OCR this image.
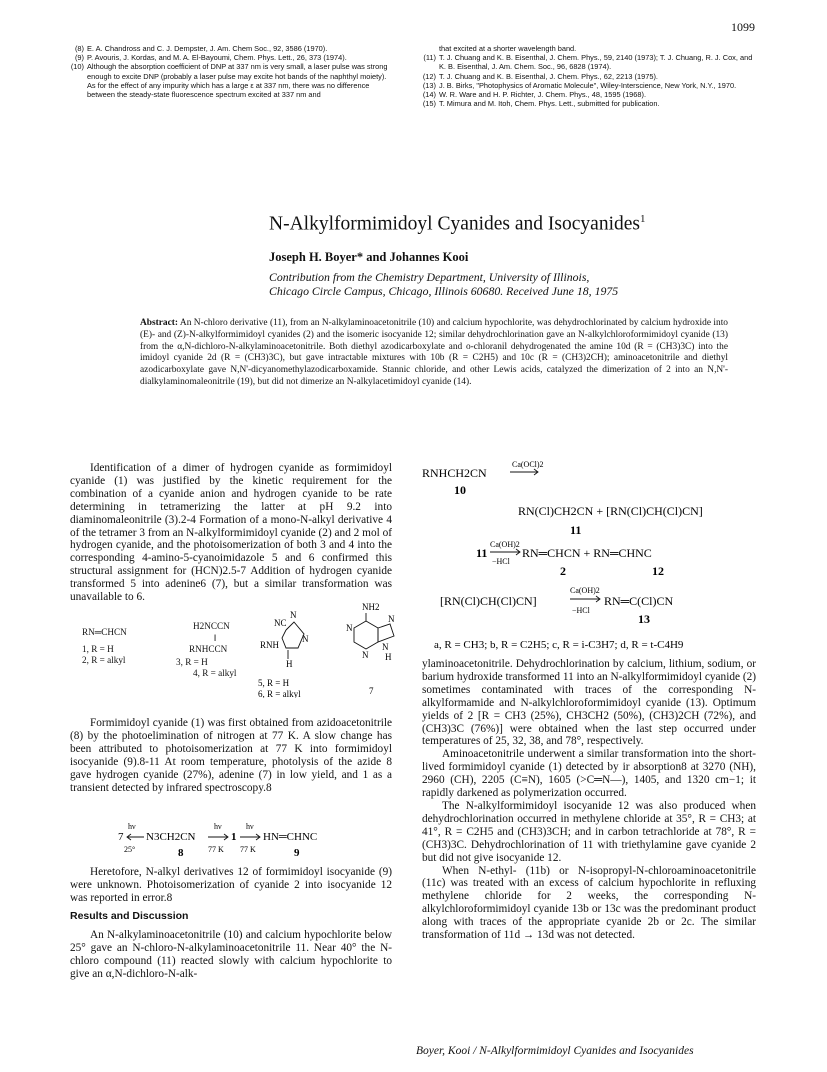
1099
(8) E. A. Chandross and C. J. Dempster, J. Am. Chem Soc., 92, 3586 (1970).
(9) P. Avouris, J. Kordas, and M. A. El-Bayoumi, Chem. Phys. Lett., 26, 373 (1974).
(10) Although the absorption coefficient of DNP at 337 nm is very small, a laser pulse was strong enough to excite DNP (probably a laser pulse may excite hot bands of the naphthyl moiety). As for the effect of any impurity which has a large ε at 337 nm, there was no difference between the steady-state fluorescence spectrum excited at 337 nm and
that excited at a shorter wavelength band.
(11) T. J. Chuang and K. B. Eisenthal, J. Chem. Phys., 59, 2140 (1973); T. J. Chuang, R. J. Cox, and K. B. Eisenthal, J. Am. Chem. Soc., 96, 6828 (1974).
(12) T. J. Chuang and K. B. Eisenthal, J. Chem. Phys., 62, 2213 (1975).
(13) J. B. Birks, "Photophysics of Aromatic Molecule", Wiley-Interscience, New York, N.Y., 1970.
(14) W. R. Ware and H. P. Richter, J. Chem. Phys., 48, 1595 (1968).
(15) T. Mimura and M. Itoh, Chem. Phys. Lett., submitted for publication.
N-Alkylformimidoyl Cyanides and Isocyanides$^1$
Joseph H. Boyer* and Johannes Kooi
Contribution from the Chemistry Department, University of Illinois,
Chicago Circle Campus, Chicago, Illinois 60680. Received June 18, 1975
Abstract: An N-chloro derivative (11), from an N-alkylaminoacetonitrile (10) and calcium hypochlorite, was dehydrochlorinated by calcium hydroxide into (E)- and (Z)-N-alkylformimidoyl cyanides (2) and the isomeric isocyanide 12; similar dehydrochlorination gave an N-alkylchloroformimidoyl cyanide (13) from the α,N-dichloro-N-alkylaminoacetonitrile. Both diethyl azodicarboxylate and o-chloranil dehydrogenated the amine 10d (R = (CH3)3C) into the imidoyl cyanide 2d (R = (CH3)3C), but gave intractable mixtures with 10b (R = C2H5) and 10c (R = (CH3)2CH); aminoacetonitrile and diethyl azodicarboxylate gave N,N'-dicyanomethylazodicarboxamide. Stannic chloride, and other Lewis acids, catalyzed the dimerization of 2 into an N,N'-dialkylaminomaleonitrile (19), but did not dimerize an N-alkylacetimidoyl cyanide (14).

Identification of a dimer of hydrogen cyanide as formimidoyl cyanide (1) was justified by the kinetic requirement for the combination of a cyanide anion and hydrogen cyanide to be rate determining in tetramerizing the latter at pH 9.2 into diaminomaleonitrile (3).2-4 Formation of a mono-N-alkyl derivative 4 of the tetramer 3 from an N-alkylformimidoyl cyanide (2) and 2 mol of hydrogen cyanide, and the photoisomerization of both 3 and 4 into the corresponding 4-amino-5-cyanoimidazole 5 and 6 confirmed this structural assignment for (HCN)2.5-7 Addition of hydrogen cyanide transformed 5 into adenine6 (7), but a similar transformation was unavailable to 6.

RN═CHCN
1, R = H
2, R = alkyl
H2NCCN
‖
RNHCCN
3, R = H
4, R = alkyl
NC
N
RNH
N
H
5, R = H
6, R = alkyl
NH2
N
N
N
N
H
7

Formimidoyl cyanide (1) was first obtained from azidoacetonitrile (8) by the photoelimination of nitrogen at 77 K. A slow change has been attributed to photoisomerization at 77 K into formimidoyl isocyanide (9).8-11 At room temperature, photolysis of the azide 8 gave hydrogen cyanide (27%), adenine (7) in low yield, and 1 as a transient detected by infrared spectroscopy.8

7
hν
25°
N3CH2CN
8
hν
77 K
1
hν
77 K
HN═CHNC
9

Heretofore, N-alkyl derivatives 12 of formimidoyl isocyanide (9) were unknown. Photoisomerization of cyanide 2 into isocyanide 12 was reported in error.8

Results and Discussion

An N-alkylaminoacetonitrile (10) and calcium hypochlorite below 25° gave an N-chloro-N-alkylaminoacetonitrile 11. Near 40° the N-chloro compound (11) reacted slowly with calcium hypochlorite to give an α,N-dichloro-N-alk-

RNHCH2CN
Ca(OCl)2
10
RN(Cl)CH2CN + [RN(Cl)CH(Cl)CN]
11
11
Ca(OH)2
−HCl
RN═CHCN + RN═CHNC
2	12
[RN(Cl)CH(Cl)CN]
Ca(OH)2
−HCl
RN═C(Cl)CN
13
a, R = CH3; b, R = C2H5; c, R = i-C3H7; d, R = t-C4H9

ylaminoacetonitrile. Dehydrochlorination by calcium, lithium, sodium, or barium hydroxide transformed 11 into an N-alkylformimidoyl cyanide (2) sometimes contaminated with traces of the corresponding N-alkylformamide and N-alkylchloroformimidoyl cyanide (13). Optimum yields of 2 [R = CH3 (25%), CH3CH2 (50%), (CH3)2CH (72%), and (CH3)3C (76%)] were obtained when the last step occurred under temperatures of 25, 32, 38, and 78°, respectively.

Aminoacetonitrile underwent a similar transformation into the short-lived formimidoyl cyanide (1) detected by ir absorption8 at 3270 (NH), 2960 (CH), 2205 (C≡N), 1605 (>C═N—), 1405, and 1320 cm−1; it rapidly darkened as polymerization occurred.

The N-alkylformimidoyl isocyanide 12 was also produced when dehydrochlorination occurred in methylene chloride at 35°, R = CH3; at 41°, R = C2H5 and (CH3)3CH; and in carbon tetrachloride at 78°, R = (CH3)3C. Dehydrochlorination of 11 with triethylamine gave cyanide 2 but did not give isocyanide 12.

When N-ethyl- (11b) or N-isopropyl-N-chloroaminoacetonitrile (11c) was treated with an excess of calcium hypochlorite in refluxing methylene chloride for 2 weeks, the corresponding N-alkylchloroformimidoyl cyanide 13b or 13c was the predominant product along with traces of the appropriate cyanide 2b or 2c. The similar transformation of 11d → 13d was not detected.

Boyer, Kooi / N-Alkylformimidoyl Cyanides and Isocyanides
